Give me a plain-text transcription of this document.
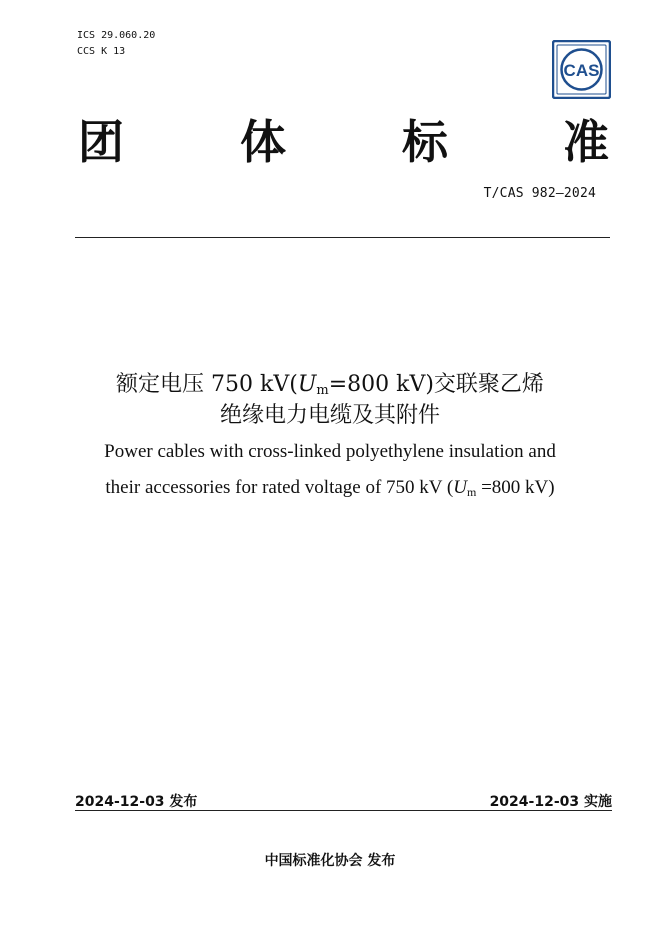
ICS 29.060.20
CCS K 13
CAS
团	体	标	准
T/CAS 982—2024
额定电压 750 $kV(U_m=800$ kV)交联聚乙烯
绝缘电力电缆及其附件
Power cables with cross-linked polyethylene insulation and
their accessories for rated voltage of 750 kV ($U_m =800$ kV)
2024-12-03 发布	2024-12-03 实施
中国标准化协会 发布
